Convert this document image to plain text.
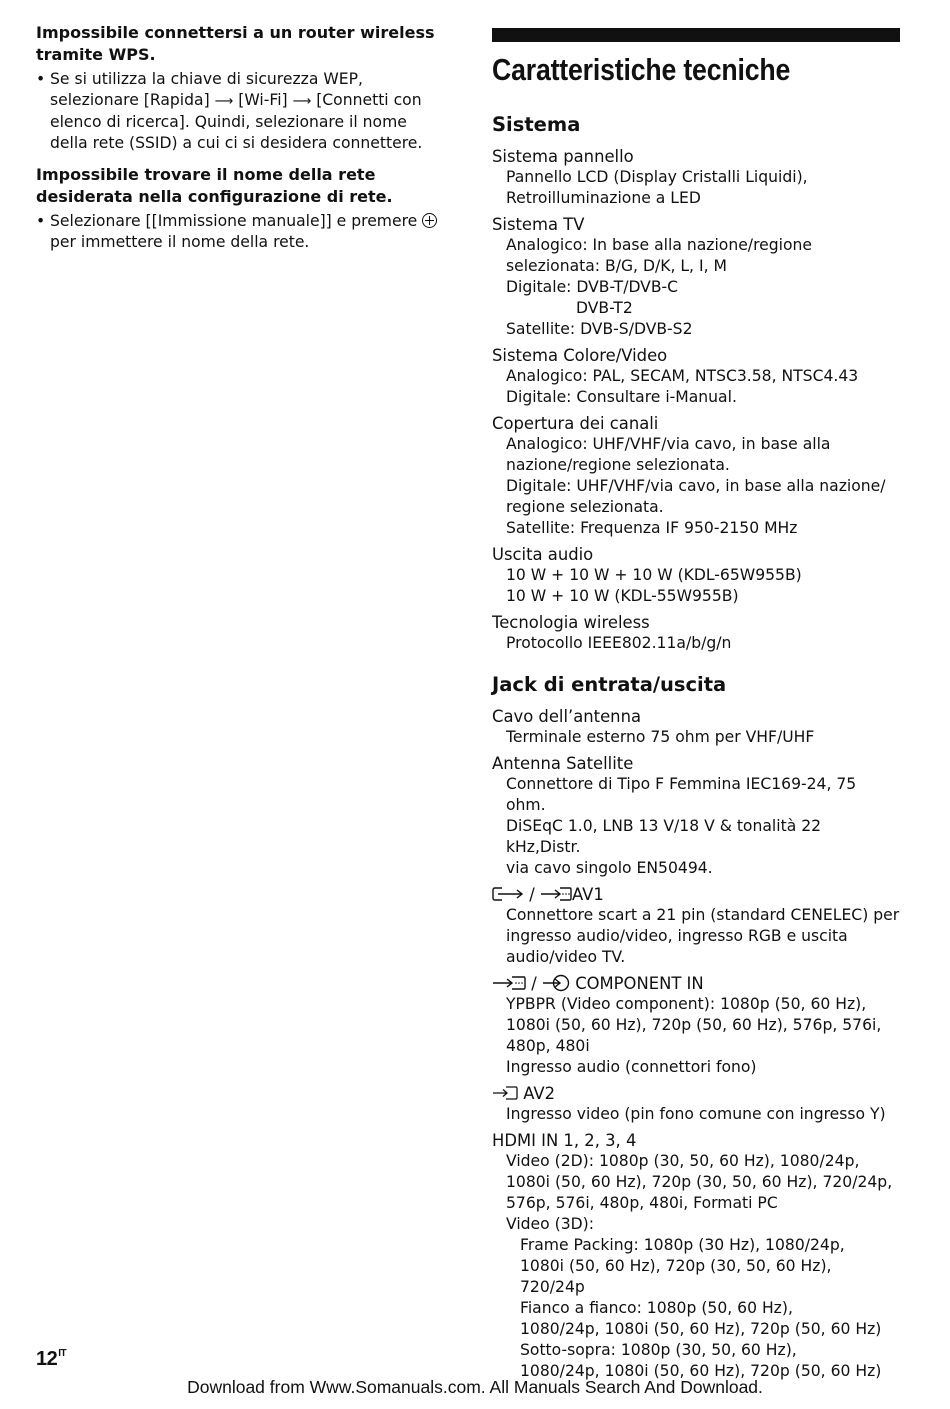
Impossibile connettersi a un router wireless tramite WPS.

• Se si utilizza la chiave di sicurezza WEP, selezionare [Rapida] ⟶ [Wi-Fi] ⟶ [Connetti con elenco di ricerca]. Quindi, selezionare il nome della rete (SSID) a cui ci si desidera connettere.

Impossibile trovare il nome della rete desiderata nella configurazione di rete.

• Selezionare [[Immissione manuale]] e premere  per immettere il nome della rete.
Caratteristiche tecniche
Sistema

Sistema pannello

Pannello LCD (Display Cristalli Liquidi),

Retroilluminazione a LED

Sistema TV

Analogico: In base alla nazione/regione

selezionata: B/G, D/K, L, I, M

Digitale: DVB-T/DVB-C

DVB-T2

Satellite: DVB-S/DVB-S2

Sistema Colore/Video

Analogico: PAL, SECAM, NTSC3.58, NTSC4.43

Digitale: Consultare i-Manual.

Copertura dei canali

Analogico: UHF/VHF/via cavo, in base alla

nazione/regione selezionata.

Digitale: UHF/VHF/via cavo, in base alla nazione/

regione selezionata.

Satellite: Frequenza IF 950-2150 MHz

Uscita audio

10 W + 10 W + 10 W (KDL-65W955B)

10 W + 10 W (KDL-55W955B)

Tecnologia wireless

Protocollo IEEE802.11a/b/g/n

Jack di entrata/uscita

Cavo dell’antenna

Terminale esterno 75 ohm per VHF/UHF

Antenna Satellite

Connettore di Tipo F Femmina IEC169-24, 75 ohm.

DiSEqC 1.0, LNB 13 V/18 V & tonalità 22 kHz,Distr.

via cavo singolo EN50494.

/ AV1

Connettore scart a 21 pin (standard CENELEC) per

ingresso audio/video, ingresso RGB e uscita

audio/video TV.

/ COMPONENT IN

YPBPR (Video component): 1080p (50, 60 Hz),

1080i (50, 60 Hz), 720p (50, 60 Hz), 576p, 576i,

480p, 480i

Ingresso audio (connettori fono)

AV2

Ingresso video (pin fono comune con ingresso Y)

HDMI IN 1, 2, 3, 4

Video (2D): 1080p (30, 50, 60 Hz), 1080/24p,

1080i (50, 60 Hz), 720p (30, 50, 60 Hz), 720/24p,

576p, 576i, 480p, 480i, Formati PC

Video (3D):

Frame Packing: 1080p (30 Hz), 1080/24p,

1080i (50, 60 Hz), 720p (30, 50, 60 Hz), 720/24p

Fianco a fianco: 1080p (50, 60 Hz),

1080/24p, 1080i (50, 60 Hz), 720p (50, 60 Hz)

Sotto-sopra: 1080p (30, 50, 60 Hz),

1080/24p, 1080i (50, 60 Hz), 720p (50, 60 Hz)

$12^{IT}$
Download from Www.Somanuals.com. All Manuals Search And Download.
